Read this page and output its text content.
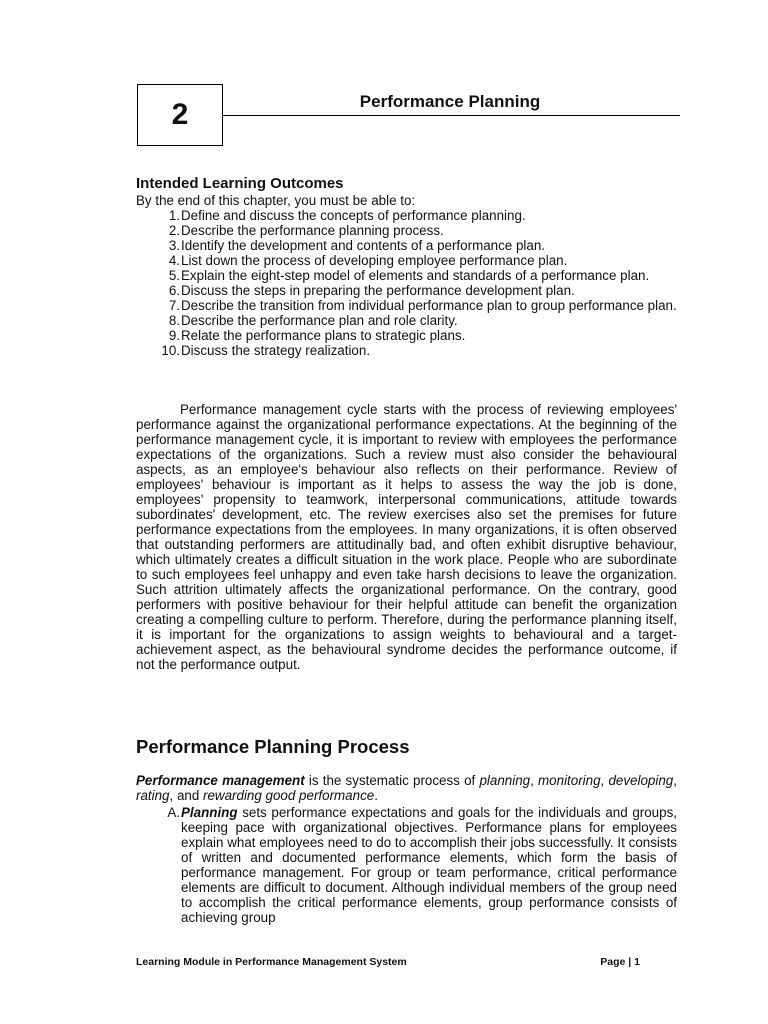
2	Performance Planning
Intended Learning Outcomes
By the end of this chapter, you must be able to:
1. Define and discuss the concepts of performance planning.
2. Describe the performance planning process.
3. Identify the development and contents of a performance plan.
4. List down the process of developing employee performance plan.
5. Explain the eight-step model of elements and standards of a performance plan.
6. Discuss the steps in preparing the performance development plan.
7. Describe the transition from individual performance plan to group performance plan.
8. Describe the performance plan and role clarity.
9. Relate the performance plans to strategic plans.
10. Discuss the strategy realization.
Performance management cycle starts with the process of reviewing employees' performance against the organizational performance expectations. At the beginning of the performance management cycle, it is important to review with employees the performance expectations of the organizations. Such a review must also consider the behavioural aspects, as an employee's behaviour also reflects on their performance. Review of employees' behaviour is important as it helps to assess the way the job is done, employees' propensity to teamwork, interpersonal communications, attitude towards subordinates' development, etc. The review exercises also set the premises for future performance expectations from the employees. In many organizations, it is often observed that outstanding performers are attitudinally bad, and often exhibit disruptive behaviour, which ultimately creates a difficult situation in the work place. People who are subordinate to such employees feel unhappy and even take harsh decisions to leave the organization. Such attrition ultimately affects the organizational performance. On the contrary, good performers with positive behaviour for their helpful attitude can benefit the organization creating a compelling culture to perform. Therefore, during the performance planning itself, it is important for the organizations to assign weights to behavioural and a target-achievement aspect, as the behavioural syndrome decides the performance outcome, if not the performance output.
Performance Planning Process
Performance management is the systematic process of planning, monitoring, developing, rating, and rewarding good performance.
A. Planning sets performance expectations and goals for the individuals and groups, keeping pace with organizational objectives. Performance plans for employees explain what employees need to do to accomplish their jobs successfully. It consists of written and documented performance elements, which form the basis of performance management. For group or team performance, critical performance elements are difficult to document. Although individual members of the group need to accomplish the critical performance elements, group performance consists of achieving group
Learning Module in Performance Management System	Page | 1
